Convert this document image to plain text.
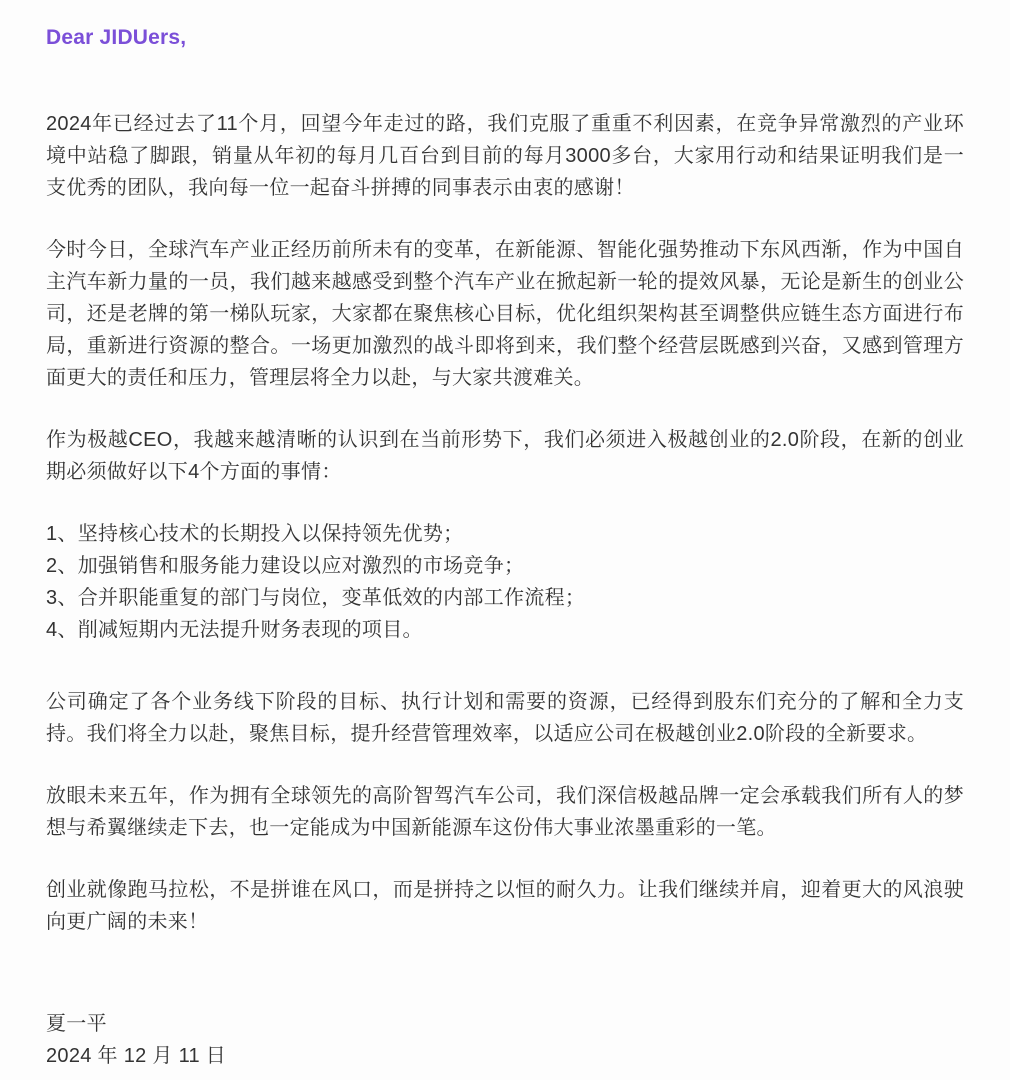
Dear JIDUers,

2024年已经过去了11个月，回望今年走过的路，我们克服了重重不利因素，在竞争异常激烈的产业环境中站稳了脚跟，销量从年初的每月几百台到目前的每月3000多台，大家用行动和结果证明我们是一支优秀的团队，我向每一位一起奋斗拼搏的同事表示由衷的感谢！

今时今日，全球汽车产业正经历前所未有的变革，在新能源、智能化强势推动下东风西渐，作为中国自主汽车新力量的一员，我们越来越感受到整个汽车产业在掀起新一轮的提效风暴，无论是新生的创业公司，还是老牌的第一梯队玩家，大家都在聚焦核心目标，优化组织架构甚至调整供应链生态方面进行布局，重新进行资源的整合。一场更加激烈的战斗即将到来，我们整个经营层既感到兴奋，又感到管理方面更大的责任和压力，管理层将全力以赴，与大家共渡难关。

作为极越CEO，我越来越清晰的认识到在当前形势下，我们必须进入极越创业的2.0阶段，在新的创业期必须做好以下4个方面的事情：

1、坚持核心技术的长期投入以保持领先优势；

2、加强销售和服务能力建设以应对激烈的市场竞争；

3、合并职能重复的部门与岗位，变革低效的内部工作流程；

4、削减短期内无法提升财务表现的项目。

公司确定了各个业务线下阶段的目标、执行计划和需要的资源，已经得到股东们充分的了解和全力支持。我们将全力以赴，聚焦目标，提升经营管理效率，以适应公司在极越创业2.0阶段的全新要求。

放眼未来五年，作为拥有全球领先的高阶智驾汽车公司，我们深信极越品牌一定会承载我们所有人的梦想与希翼继续走下去，也一定能成为中国新能源车这份伟大事业浓墨重彩的一笔。

创业就像跑马拉松，不是拼谁在风口，而是拼持之以恒的耐久力。让我们继续并肩，迎着更大的风浪驶向更广阔的未来！

夏一平

2024 年 12 月 11 日
